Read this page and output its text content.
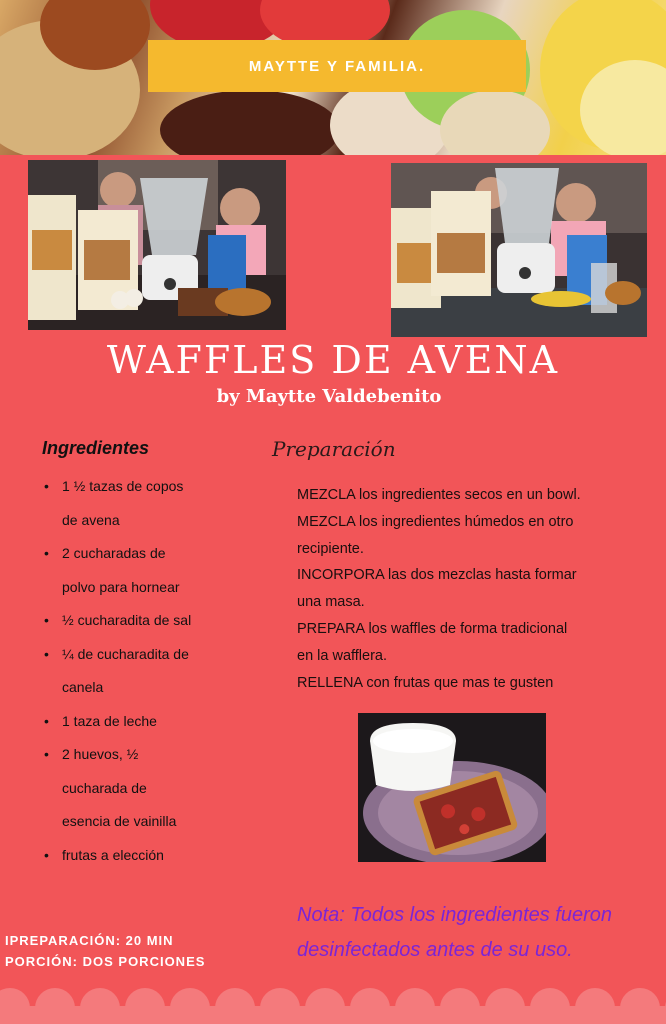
MAYTTE Y FAMILIA.
WAFFLES DE AVENA
by Maytte Valdebenito
Ingredientes
• 1 ½ tazas de copos
de avena
• 2 cucharadas de
polvo para hornear
• ½ cucharadita de sal
• ¼ de cucharadita de
canela
• 1 taza de leche
• 2 huevos, ½
cucharada de
esencia de vainilla
• frutas a elección
Preparación
MEZCLA los ingredientes secos en un bowl.
MEZCLA los ingredientes húmedos en otro
recipiente.
INCORPORA las dos mezclas hasta formar
una masa.
PREPARA los waffles de forma tradicional
en la wafflera.
RELLENA con frutas que mas te gusten
Nota: Todos los ingredientes fueron
desinfectados antes de su uso.
IPREPARACIÓN: 20 MIN
PORCIÓN: DOS PORCIONES
